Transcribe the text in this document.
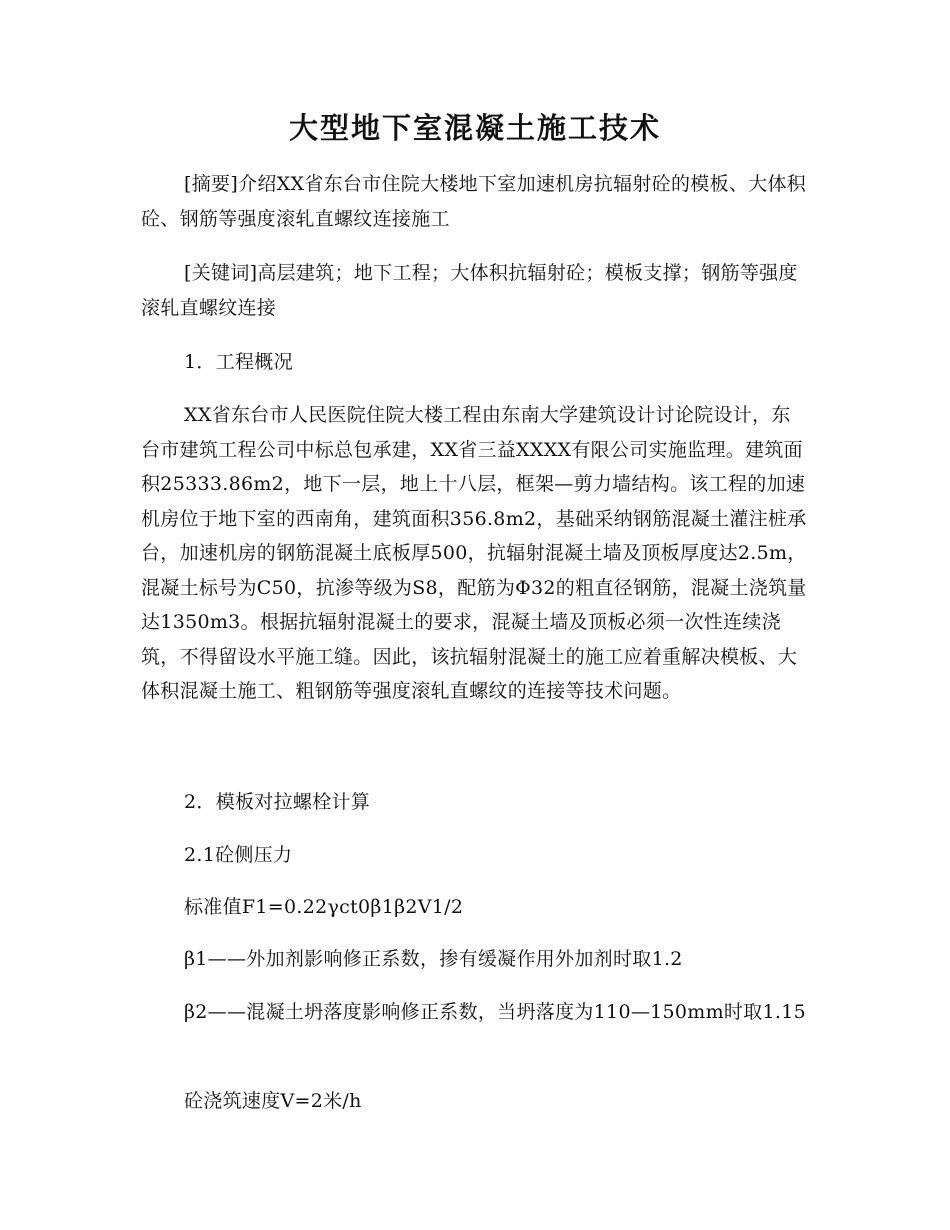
大型地下室混凝土施工技术

[摘要]介绍XX省东台市住院大楼地下室加速机房抗辐射砼的模板、大体积砼、钢筋等强度滚轧直螺纹连接施工

[关键词]高层建筑；地下工程；大体积抗辐射砼；模板支撑；钢筋等强度滚轧直螺纹连接

1．工程概况

XX省东台市人民医院住院大楼工程由东南大学建筑设计讨论院设计，东台市建筑工程公司中标总包承建，XX省三益XXXX有限公司实施监理。建筑面积25333.86m2，地下一层，地上十八层，框架—剪力墙结构。该工程的加速机房位于地下室的西南角，建筑面积356.8m2，基础采纳钢筋混凝土灌注桩承台，加速机房的钢筋混凝土底板厚500，抗辐射混凝土墙及顶板厚度达2.5m，混凝土标号为C50，抗渗等级为S8，配筋为Φ32的粗直径钢筋，混凝土浇筑量达1350m3。根据抗辐射混凝土的要求，混凝土墙及顶板必须一次性连续浇筑，不得留设水平施工缝。因此，该抗辐射混凝土的施工应着重解决模板、大体积混凝土施工、粗钢筋等强度滚轧直螺纹的连接等技术问题。

2．模板对拉螺栓计算

2.1砼侧压力

标准值F1=0.22γct0β1β2V1/2

β1——外加剂影响修正系数，掺有缓凝作用外加剂时取1.2

β2——混凝土坍落度影响修正系数，当坍落度为110—150mm时取1.15

砼浇筑速度V=2米/h
